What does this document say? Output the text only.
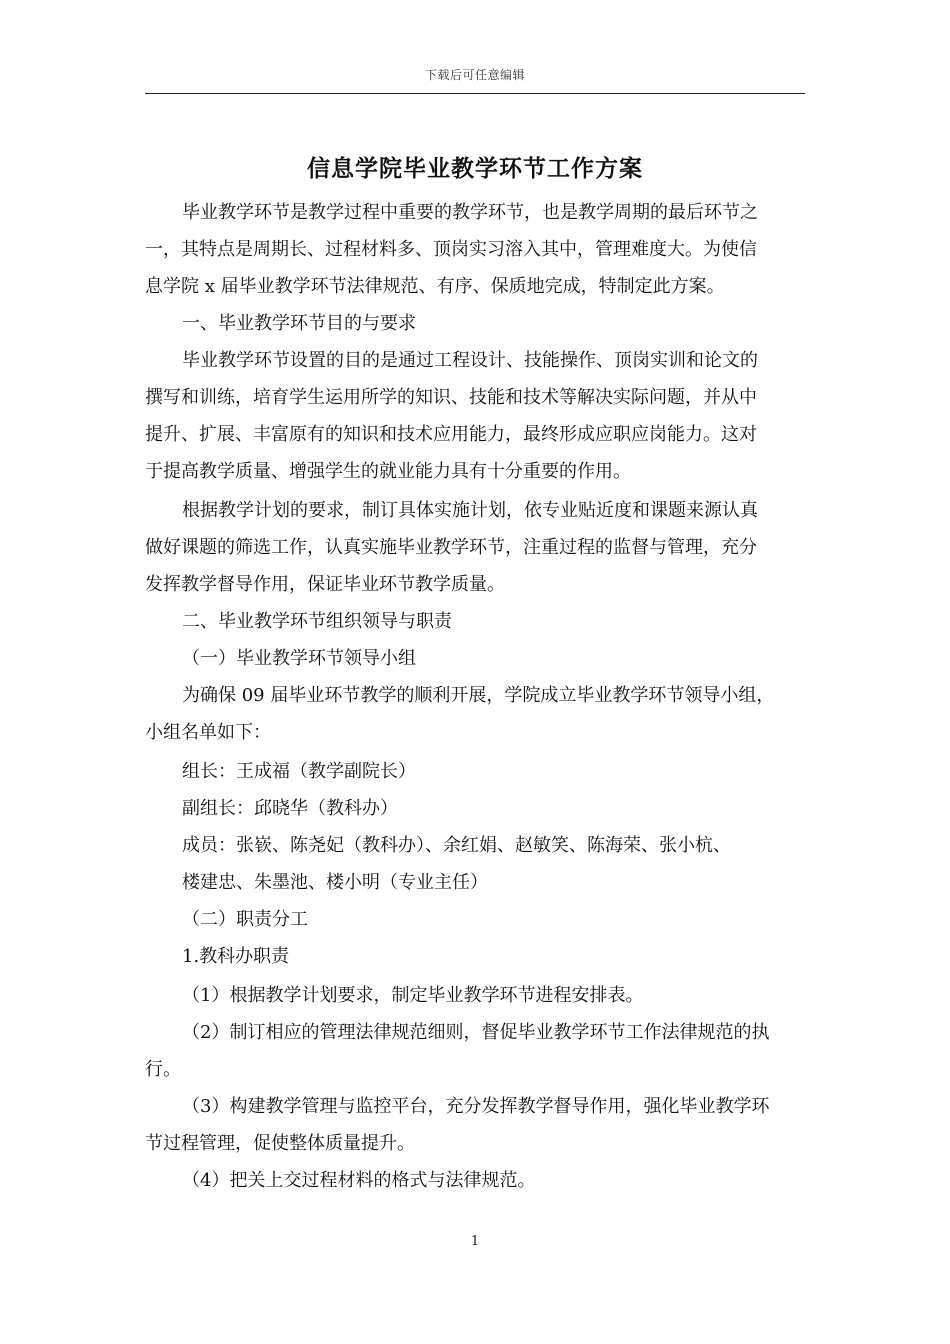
下载后可任意编辑
信息学院毕业教学环节工作方案
毕业教学环节是教学过程中重要的教学环节，也是教学周期的最后环节之
一，其特点是周期长、过程材料多、顶岗实习溶入其中，管理难度大。为使信
息学院 x 届毕业教学环节法律规范、有序、保质地完成，特制定此方案。
一、毕业教学环节目的与要求
毕业教学环节设置的目的是通过工程设计、技能操作、顶岗实训和论文的
撰写和训练，培育学生运用所学的知识、技能和技术等解决实际问题，并从中
提升、扩展、丰富原有的知识和技术应用能力，最终形成应职应岗能力。这对
于提高教学质量、增强学生的就业能力具有十分重要的作用。
根据教学计划的要求，制订具体实施计划，依专业贴近度和课题来源认真
做好课题的筛选工作，认真实施毕业教学环节，注重过程的监督与管理，充分
发挥教学督导作用，保证毕业环节教学质量。
二、毕业教学环节组织领导与职责
（一）毕业教学环节领导小组
为确保 09 届毕业环节教学的顺利开展，学院成立毕业教学环节领导小组，
小组名单如下：
组长：王成福（教学副院长）
副组长：邱晓华（教科办）
成员：张嵚、陈尧妃（教科办）、余红娟、赵敏笑、陈海荣、张小杭、
楼建忠、朱墨池、楼小明（专业主任）
（二）职责分工
1.教科办职责
（1）根据教学计划要求，制定毕业教学环节进程安排表。
（2）制订相应的管理法律规范细则，督促毕业教学环节工作法律规范的执
行。
（3）构建教学管理与监控平台，充分发挥教学督导作用，强化毕业教学环
节过程管理，促使整体质量提升。
（4）把关上交过程材料的格式与法律规范。
1
